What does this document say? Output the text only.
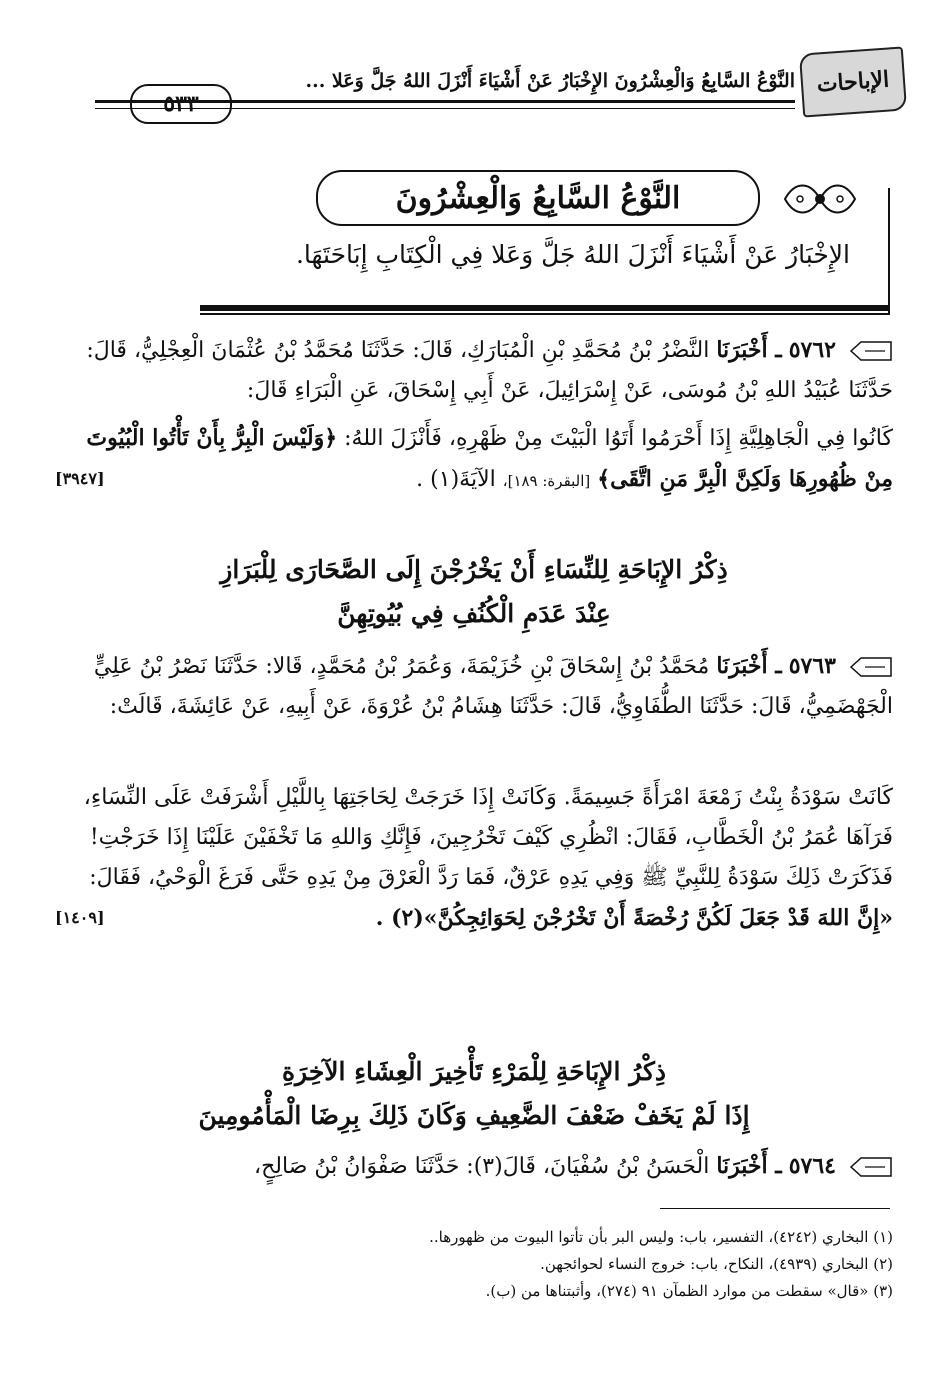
الإباحات
النَّوْعُ السَّابِعُ وَالْعِشْرُونَ الإِخْبَارُ عَنْ أَشْيَاءَ أَنْزَلَ اللهُ جَلَّ وَعَلا ...
٥٣٣
النَّوْعُ السَّابِعُ وَالْعِشْرُونَ
الإِخْبَارُ عَنْ أَشْيَاءَ أَنْزَلَ اللهُ جَلَّ وَعَلا فِي الْكِتَابِ إِبَاحَتَهَا.
٥٧٦٢ ـ أَخْبَرَنَا النَّضْرُ بْنُ مُحَمَّدِ بْنِ الْمُبَارَكِ، قَالَ: حَدَّثَنَا مُحَمَّدُ بْنُ عُثْمَانَ الْعِجْلِيُّ، قَالَ: حَدَّثَنَا عُبَيْدُ اللهِ بْنُ مُوسَى، عَنْ إِسْرَائِيلَ، عَنْ أَبِي إِسْحَاقَ، عَنِ الْبَرَاءِ قَالَ:
كَانُوا فِي الْجَاهِلِيَّةِ إِذَا أَحْرَمُوا أَتَوُا الْبَيْتَ مِنْ ظَهْرِهِ، فَأَنْزَلَ اللهُ: ﴿وَلَيْسَ الْبِرُّ بِأَنْ تَأْتُوا الْبُيُوتَ مِنْ ظُهُورِهَا وَلَكِنَّ الْبِرَّ مَنِ اتَّقَى﴾ [البقرة: ١٨٩]، الآيَةَ(١) .
[٣٩٤٧]
ذِكْرُ الإِبَاحَةِ لِلنِّسَاءِ أَنْ يَخْرُجْنَ إِلَى الصَّحَارَى لِلْبَرَازِ
عِنْدَ عَدَمِ الْكُنُفِ فِي بُيُوتِهِنَّ
٥٧٦٣ ـ أَخْبَرَنَا مُحَمَّدُ بْنُ إِسْحَاقَ بْنِ خُزَيْمَةَ، وَعُمَرُ بْنُ مُحَمَّدٍ، قَالا: حَدَّثَنَا نَصْرُ بْنُ عَلِيٍّ الْجَهْضَمِيُّ، قَالَ: حَدَّثَنَا الطُّفَاوِيُّ، قَالَ: حَدَّثَنَا هِشَامُ بْنُ عُرْوَةَ، عَنْ أَبِيهِ، عَنْ عَائِشَةَ، قَالَتْ:
كَانَتْ سَوْدَةُ بِنْتُ زَمْعَةَ امْرَأَةً جَسِيمَةً. وَكَانَتْ إِذَا خَرَجَتْ لِحَاجَتِهَا بِاللَّيْلِ أَشْرَفَتْ عَلَى النِّسَاءِ، فَرَآهَا عُمَرُ بْنُ الْخَطَّابِ، فَقَالَ: انْظُرِي كَيْفَ تَخْرُجِينَ، فَإِنَّكِ وَاللهِ مَا تَخْفَيْنَ عَلَيْنَا إِذَا خَرَجْتِ! فَذَكَرَتْ ذَلِكَ سَوْدَةُ لِلنَّبِيِّ ﷺ وَفِي يَدِهِ عَرْقٌ، فَمَا رَدَّ الْعَرْقَ مِنْ يَدِهِ حَتَّى فَرَغَ الْوَحْيُ، فَقَالَ: «إِنَّ اللهَ قَدْ جَعَلَ لَكُنَّ رُخْصَةً أَنْ تَخْرُجْنَ لِحَوَائِجِكُنَّ»(٢) .
[١٤٠٩]
ذِكْرُ الإِبَاحَةِ لِلْمَرْءِ تَأْخِيرَ الْعِشَاءِ الآخِرَةِ
إِذَا لَمْ يَخَفْ ضَعْفَ الضَّعِيفِ وَكَانَ ذَلِكَ بِرِضَا الْمَأْمُومِينَ
٥٧٦٤ ـ أَخْبَرَنَا الْحَسَنُ بْنُ سُفْيَانَ، قَالَ(٣): حَدَّثَنَا صَفْوَانُ بْنُ صَالِحٍ،
(١) البخاري (٤٢٤٢)، التفسير، باب: وليس البر بأن تأتوا البيوت من ظهورها..
(٢) البخاري (٤٩٣٩)، النكاح، باب: خروج النساء لحوائجهن.
(٣) «قال» سقطت من موارد الظمآن ٩١ (٢٧٤)، وأثبتناها من (ب).
